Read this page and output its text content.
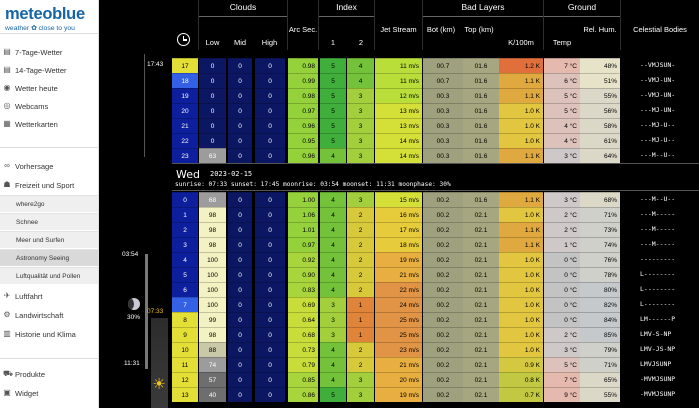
meteoblue
weather ✿ close to you
▤ 7-Tage-Wetter
▤ 14-Tage-Wetter
◉ Wetter heute
◎ Webcams
▦ Wetterkarten
∞ Vorhersage
☗ Freizeit und Sport
where2go
Schnee
Meer und Surfen
Astronomy Seeing
Luftqualität und Pollen
✈ Luftfahrt
⚙ Landwirtschaft
▥ Historie und Klima
⛟ Produkte
▣ Widget
17:43
03:54
30%
07:33
11:31
☀
Clouds	Index	Bad Layers	Ground
Low	Mid	High
Arc Sec.
1	2
Jet Stream	Bot (km)	Top (km)
K/100m	Temp
Rel. Hum.	Celestial Bodies
17	0	0	0	0.98	5	4	11 m/s	00.7	01.6	1.2 K	7 °C	48%	--VMJSUN-
18	0	0	0	0.99	5	4	11 m/s	00.7	01.6	1.1 K	6 °C	51%	--VMJ-UN-
19	0	0	0	0.98	5	3	12 m/s	00.3	01.6	1.1 K	5 °C	55%	--VMJ-UN-
20	0	0	0	0.97	5	3	13 m/s	00.3	01.6	1.0 K	5 °C	56%	---MJ-UN-
21	0	0	0	0.96	5	3	13 m/s	00.3	01.6	1.0 K	4 °C	58%	---MJ-U--
22	0	0	0	0.95	5	3	14 m/s	00.3	01.6	1.0 K	4 °C	61%	---MJ-U--
23	63	0	0	0.96	4	3	14 m/s	00.3	01.6	1.1 K	3 °C	64%	---M--U--
Wed 2023-02-15
sunrise: 07:33 sunset: 17:45 moonrise: 03:54 moonset: 11:31 moonphase: 30%
0	68	0	0	1.00	4	3	15 m/s	00.2	01.6	1.1 K	3 °C	68%	---M--U--
1	98	0	0	1.06	4	2	16 m/s	00.2	02.1	1.0 K	2 °C	71%	---M-----
2	98	0	0	1.01	4	2	17 m/s	00.2	02.1	1.1 K	2 °C	73%	---M-----
3	98	0	0	0.97	4	2	18 m/s	00.2	02.1	1.1 K	1 °C	74%	---M-----
4	100	0	0	0.92	4	2	19 m/s	00.2	02.1	1.0 K	0 °C	76%	---------
5	100	0	0	0.90	4	2	21 m/s	00.2	02.1	1.0 K	0 °C	78%	L--------
6	100	0	0	0.83	4	2	22 m/s	00.2	02.1	1.0 K	0 °C	80%	L--------
7	100	0	0	0.69	3	1	24 m/s	00.2	02.1	1.0 K	0 °C	82%	L--------
8	99	0	0	0.64	3	1	25 m/s	00.2	02.1	1.0 K	0 °C	84%	LM------P
9	98	0	0	0.68	3	1	25 m/s	00.2	02.1	1.0 K	2 °C	85%	LMV-S-NP
10	88	0	0	0.73	4	2	23 m/s	00.2	02.1	1.0 K	3 °C	79%	LMV-JS-NP
11	74	0	0	0.79	4	2	21 m/s	00.2	02.1	0.9 K	5 °C	71%	LMVJSUNP
12	57	0	0	0.85	4	3	20 m/s	00.2	02.1	0.8 K	7 °C	65%	-MVMJSUNP
13	40	0	0	0.86	5	3	19 m/s	00.2	02.1	0.7 K	9 °C	55%	-MVMJSUNP
